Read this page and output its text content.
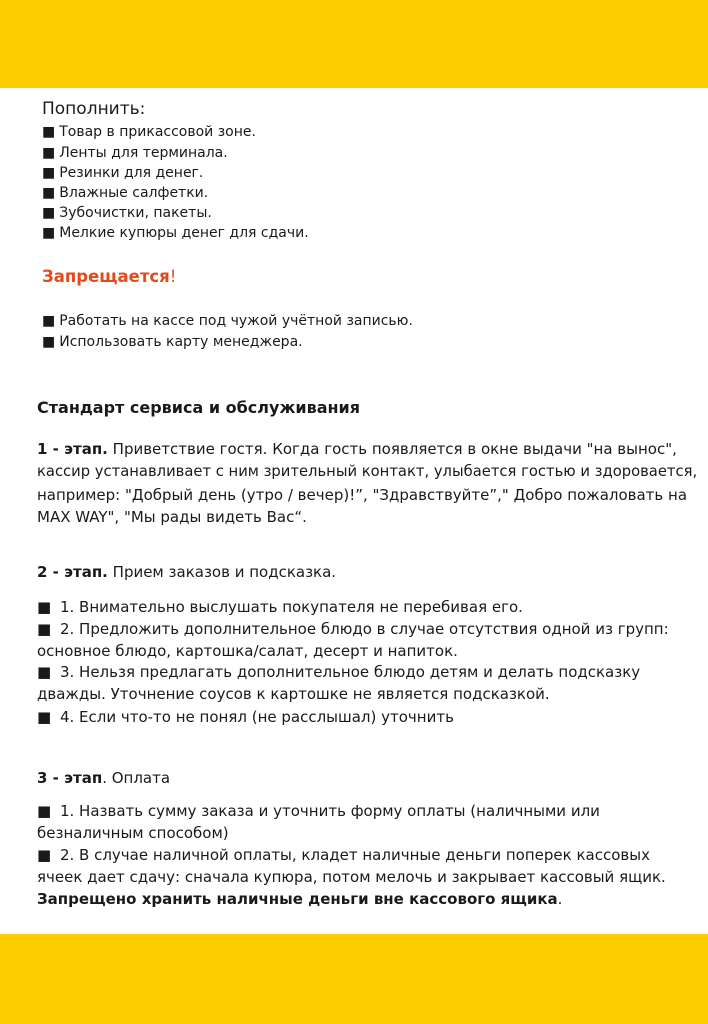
Пополнить:
■ Товар в прикассовой зоне.
■ Ленты для терминала.
■ Резинки для денег.
■ Влажные салфетки.
■ Зубочистки, пакеты.
■ Мелкие купюры денег для сдачи.
Запрещается!
■ Работать на кассе под чужой учётной записью.
■ Использовать карту менеджера.
Стандарт сервиса и обслуживания
1 - этап. Приветствие гостя. Когда гость появляется в окне выдачи "на вынос",
кассир устанавливает с ним зрительный контакт, улыбается гостью и здоровается,
например: "Добрый день (утро / вечер)!”, "Здравствуйте”," Добро пожаловать на
MAX WAY", "Мы рады видеть Вас“.
2 - этап. Прием заказов и подсказка.
■ 1. Внимательно выслушать покупателя не перебивая его.
■ 2. Предложить дополнительное блюдо в случае отсутствия одной из групп:
основное блюдо, картошка/салат, десерт и напиток.
■ 3. Нельзя предлагать дополнительное блюдо детям и делать подсказку
дважды. Уточнение соусов к картошке не является подсказкой.
■ 4. Если что-то не понял (не расслышал) уточнить
3 - этап. Оплата
■ 1. Назвать сумму заказа и уточнить форму оплаты (наличными или
безналичным способом)
■ 2. В случае наличной оплаты, кладет наличные деньги поперек кассовых
ячеек дает сдачу: сначала купюра, потом мелочь и закрывает кассовый ящик.
Запрещено хранить наличные деньги вне кассового ящика.
